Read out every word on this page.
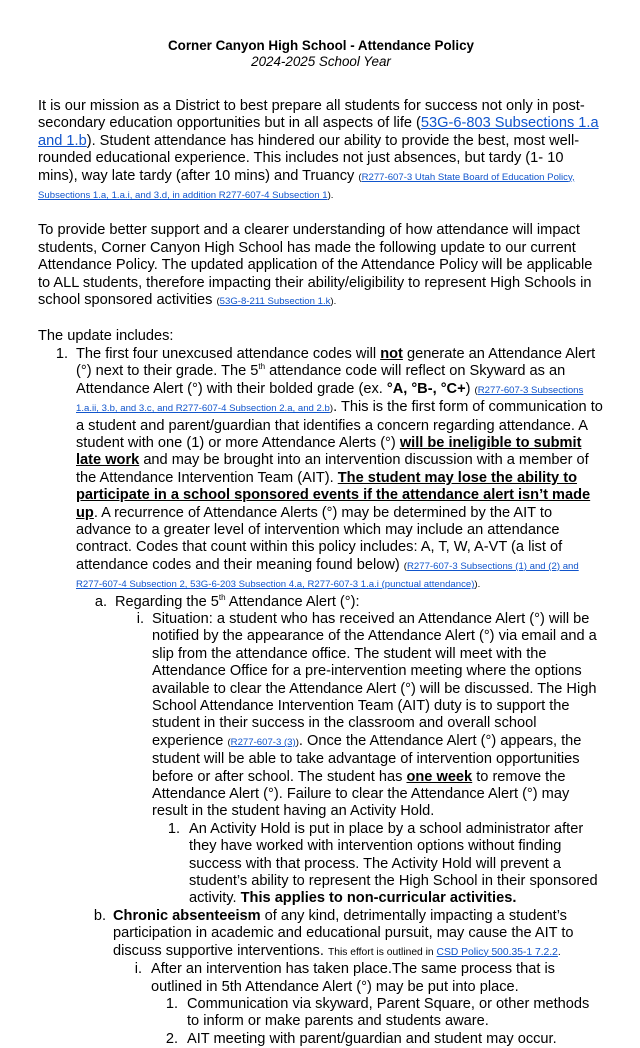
Corner Canyon High School - Attendance Policy

2024-2025 School Year

It is our mission as a District to best prepare all students for success not only in post-secondary education opportunities but in all aspects of life (53G-6-803 Subsections 1.a and 1.b). Student attendance has hindered our ability to provide the best, most well-rounded educational experience. This includes not just absences, but tardy (1- 10 mins), way late tardy (after 10 mins) and Truancy (R277-607-3 Utah State Board of Education Policy, Subsections 1.a, 1.a.i, and 3.d, in addition R277-607-4 Subsection 1).

To provide better support and a clearer understanding of how attendance will impact students, Corner Canyon High School has made the following update to our current Attendance Policy. The updated application of the Attendance Policy will be applicable to ALL students, therefore impacting their ability/eligibility to represent High Schools in school sponsored activities (53G-8-211 Subsection 1.k).

The update includes:

1. The first four unexcused attendance codes will not generate an Attendance Alert (°) next to their grade. The 5th attendance code will reflect on Skyward as an Attendance Alert (°) with their bolded grade (ex. °A, °B-, °C+) (R277-607-3 Subsections 1.a.ii, 3.b, and 3.c, and R277-607-4 Subsection 2.a, and 2.b). This is the first form of communication to a student and parent/guardian that identifies a concern regarding attendance. A student with one (1) or more Attendance Alerts (°) will be ineligible to submit late work and may be brought into an intervention discussion with a member of the Attendance Intervention Team (AIT). The student may lose the ability to participate in a school sponsored events if the attendance alert isn’t made up. A recurrence of Attendance Alerts (°) may be determined by the AIT to advance to a greater level of intervention which may include an attendance contract. Codes that count within this policy includes: A, T, W, A-VT (a list of attendance codes and their meaning found below) (R277-607-3 Subsections (1) and (2) and R277-607-4 Subsection 2, 53G-6-203 Subsection 4.a, R277-607-3 1.a.i (punctual attendance)).
a. Regarding the 5th Attendance Alert (°):
i. Situation: a student who has received an Attendance Alert (°) will be notified by the appearance of the Attendance Alert (°) via email and a slip from the attendance office. The student will meet with the Attendance Office for a pre-intervention meeting where the options available to clear the Attendance Alert (°) will be discussed. The High School Attendance Intervention Team (AIT) duty is to support the student in their success in the classroom and overall school experience (R277-607-3 (3)). Once the Attendance Alert (°) appears, the student will be able to take advantage of intervention opportunities before or after school. The student has one week to remove the Attendance Alert (°). Failure to clear the Attendance Alert (°) may result in the student having an Activity Hold.
1. An Activity Hold is put in place by a school administrator after they have worked with intervention options without finding success with that process. The Activity Hold will prevent a student’s ability to represent the High School in their sponsored activity. This applies to non-curricular activities.
b. Chronic absenteeism of any kind, detrimentally impacting a student’s participation in academic and educational pursuit, may cause the AIT to discuss supportive interventions. This effort is outlined in CSD Policy 500.35-1 7.2.2.
i. After an intervention has taken place.The same process that is outlined in 5th Attendance Alert (°) may be put into place.
1. Communication via skyward, Parent Square, or other methods to inform or make parents and students aware.
2. AIT meeting with parent/guardian and student may occur.
